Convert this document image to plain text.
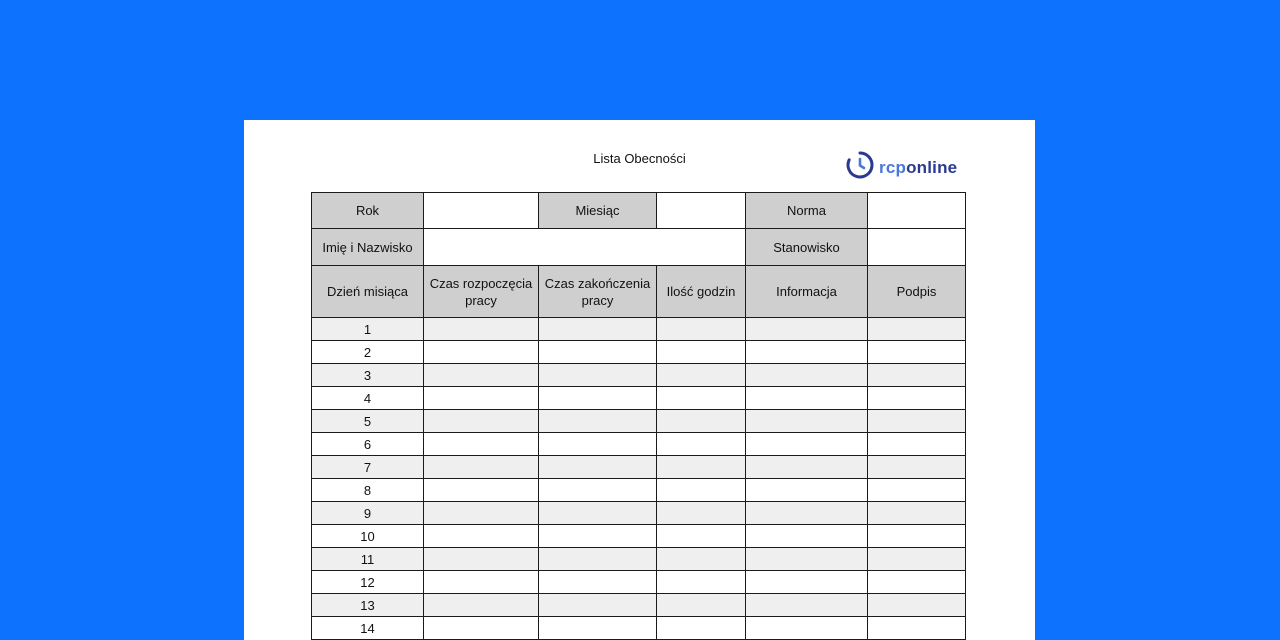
Lista Obecności	rcponline
Rok		Miesiąc		Norma	
Imię i Nazwisko				Stanowisko	
Dzień misiąca	Czas rozpoczęcia pracy	Czas zakończenia pracy	Ilość godzin	Informacja	Podpis
1					
2					
3					
4					
5					
6					
7					
8					
9					
10					
11					
12					
13					
14					
